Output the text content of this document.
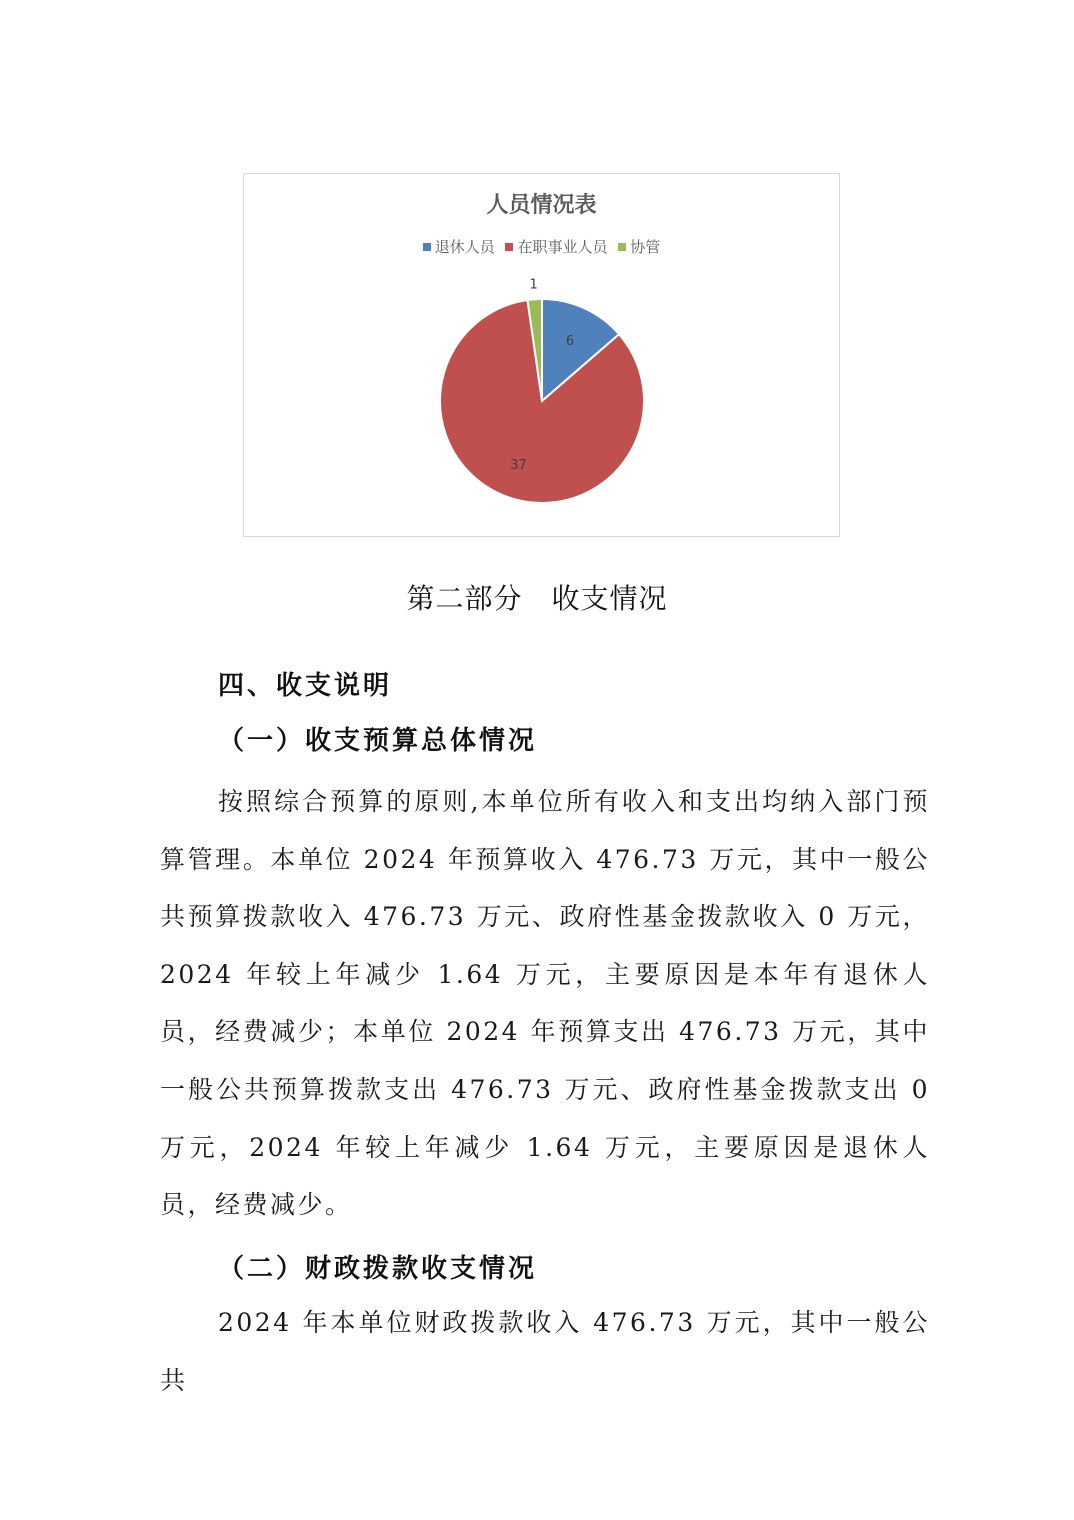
人员情况表
退休人员 在职事业人员 协管
6
37
1
第二部分　收支情况
四、收支说明
（一）收支预算总体情况
按照综合预算的原则,本单位所有收入和支出均纳入部门预算管理。本单位 2024 年预算收入 476.73 万元，其中一般公共预算拨款收入 476.73 万元、政府性基金拨款收入 0 万元，2024 年较上年减少 1.64 万元，主要原因是本年有退休人员，经费减少；本单位 2024 年预算支出 476.73 万元，其中一般公共预算拨款支出 476.73 万元、政府性基金拨款支出 0 万元，2024 年较上年减少 1.64 万元，主要原因是退休人员，经费减少。
（二）财政拨款收支情况
2024 年本单位财政拨款收入 476.73 万元，其中一般公共
